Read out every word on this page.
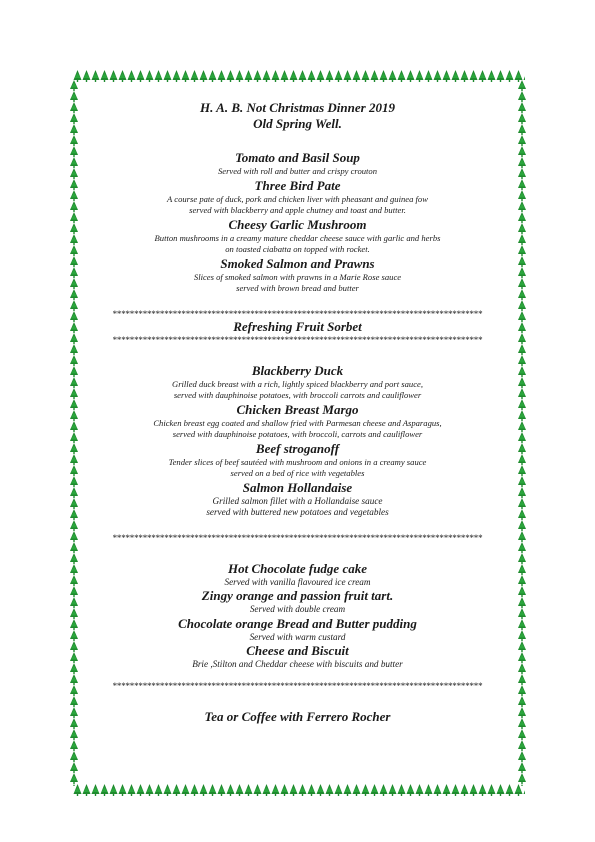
H. A. B. Not Christmas Dinner 2019

Old Spring Well.

Tomato and Basil Soup

Served with roll and butter and crispy crouton

Three Bird Pate

A course pate of duck, pork and chicken liver with pheasant and guinea fow

served with blackberry and apple chutney and toast and butter.

Cheesy Garlic Mushroom

Button mushrooms in a creamy mature cheddar cheese sauce with garlic and herbs

on toasted ciabatta on topped with rocket.

Smoked Salmon and Prawns

Slices of smoked salmon with prawns in a Marie Rose sauce

served with brown bread and butter

**************************************************************************************

Refreshing Fruit Sorbet

**************************************************************************************

Blackberry Duck

Grilled duck breast with a rich, lightly spiced blackberry and port sauce,

served with dauphinoise potatoes, with broccoli carrots and cauliflower

Chicken Breast Margo

Chicken breast egg coated and shallow fried with Parmesan cheese and Asparagus,

served with dauphinoise potatoes, with broccoli, carrots and cauliflower

Beef stroganoff

Tender slices of beef sautéed with mushroom and onions in a creamy sauce

served on a bed of rice with vegetables

Salmon Hollandaise

Grilled salmon fillet with a Hollandaise sauce

served with buttered new potatoes and vegetables

**************************************************************************************

Hot Chocolate fudge cake

Served with vanilla flavoured ice cream

Zingy orange and passion fruit tart.

Served with double cream

Chocolate orange Bread and Butter pudding

Served with warm custard

Cheese and Biscuit

Brie ,Stilton and Cheddar cheese with biscuits and butter

**************************************************************************************

Tea or Coffee with Ferrero Rocher
